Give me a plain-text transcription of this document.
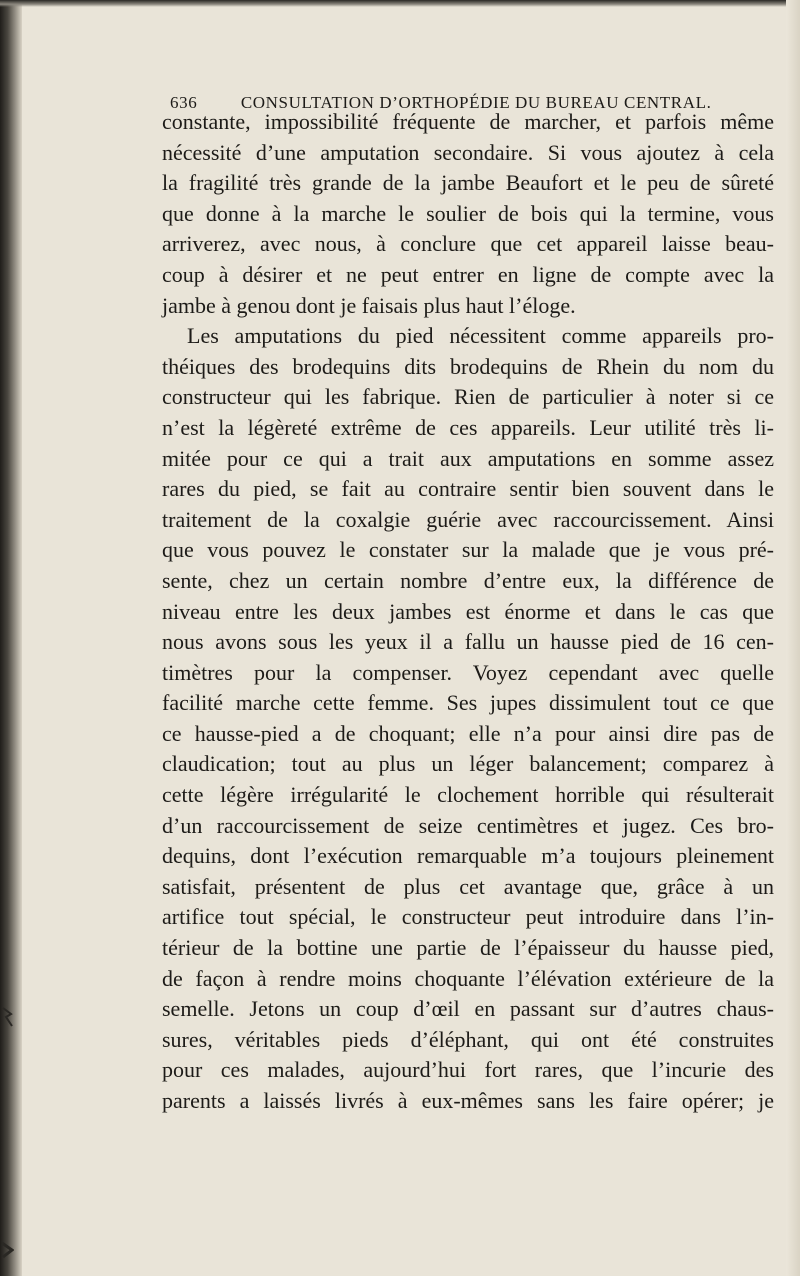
636	CONSULTATION D’ORTHOPÉDIE DU BUREAU CENTRAL.
constante, impossibilité fréquente de marcher, et parfois même
nécessité d’une amputation secondaire. Si vous ajoutez à cela
la fragilité très grande de la jambe Beaufort et le peu de sûreté
que donne à la marche le soulier de bois qui la termine, vous
arriverez, avec nous, à conclure que cet appareil laisse beau-
coup à désirer et ne peut entrer en ligne de compte avec la
jambe à genou dont je faisais plus haut l’éloge.
Les amputations du pied nécessitent comme appareils pro-
théiques des brodequins dits brodequins de Rhein du nom du
constructeur qui les fabrique. Rien de particulier à noter si ce
n’est la légèreté extrême de ces appareils. Leur utilité très li-
mitée pour ce qui a trait aux amputations en somme assez
rares du pied, se fait au contraire sentir bien souvent dans le
traitement de la coxalgie guérie avec raccourcissement. Ainsi
que vous pouvez le constater sur la malade que je vous pré-
sente, chez un certain nombre d’entre eux, la différence de
niveau entre les deux jambes est énorme et dans le cas que
nous avons sous les yeux il a fallu un hausse pied de 16 cen-
timètres pour la compenser. Voyez cependant avec quelle
facilité marche cette femme. Ses jupes dissimulent tout ce que
ce hausse-pied a de choquant; elle n’a pour ainsi dire pas de
claudication; tout au plus un léger balancement; comparez à
cette légère irrégularité le clochement horrible qui résulterait
d’un raccourcissement de seize centimètres et jugez. Ces bro-
dequins, dont l’exécution remarquable m’a toujours pleinement
satisfait, présentent de plus cet avantage que, grâce à un
artifice tout spécial, le constructeur peut introduire dans l’in-
térieur de la bottine une partie de l’épaisseur du hausse pied,
de façon à rendre moins choquante l’élévation extérieure de la
semelle. Jetons un coup d’œil en passant sur d’autres chaus-
sures, véritables pieds d’éléphant, qui ont été construites
pour ces malades, aujourd’hui fort rares, que l’incurie des
parents a laissés livrés à eux-mêmes sans les faire opérer; je
